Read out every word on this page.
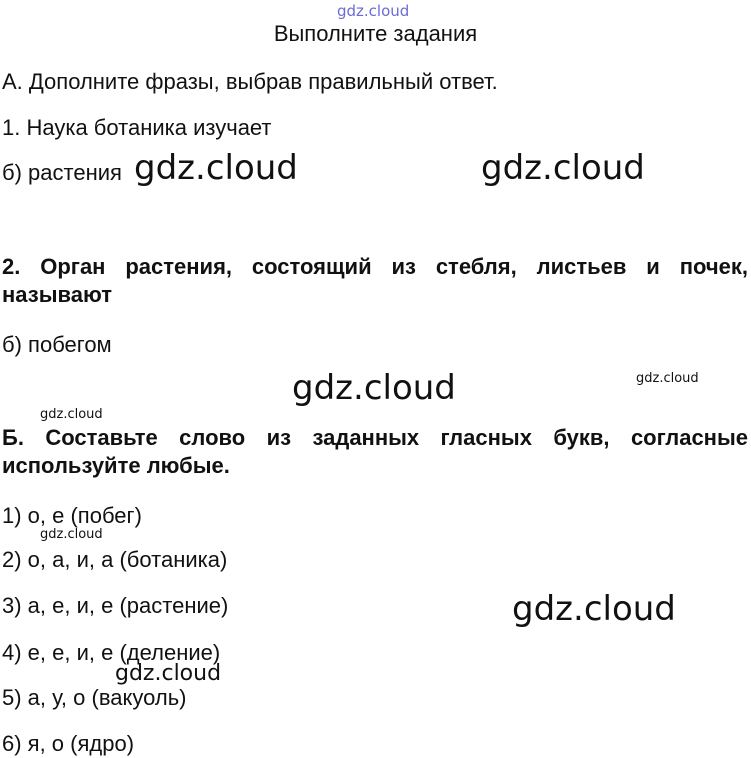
gdz.cloud
Выполните задания
А. Дополните фразы, выбрав правильный ответ.
1. Наука ботаника изучает
б) растения
2. Орган растения, состоящий из стебля, листьев и почек, называют
б) побегом
Б. Составьте слово из заданных гласных букв, согласные используйте любые.
1) о, е (побег)
2) о, а, и, а (ботаника)
3) а, е, и, е (растение)
4) е, е, и, е (деление)
5) а, у, о (вакуоль)
6) я, о (ядро)
gdz.cloud	gdz.cloud
gdz.cloud	gdz.cloud
gdz.cloud
gdz.cloud
gdz.cloud
gdz.cloud
